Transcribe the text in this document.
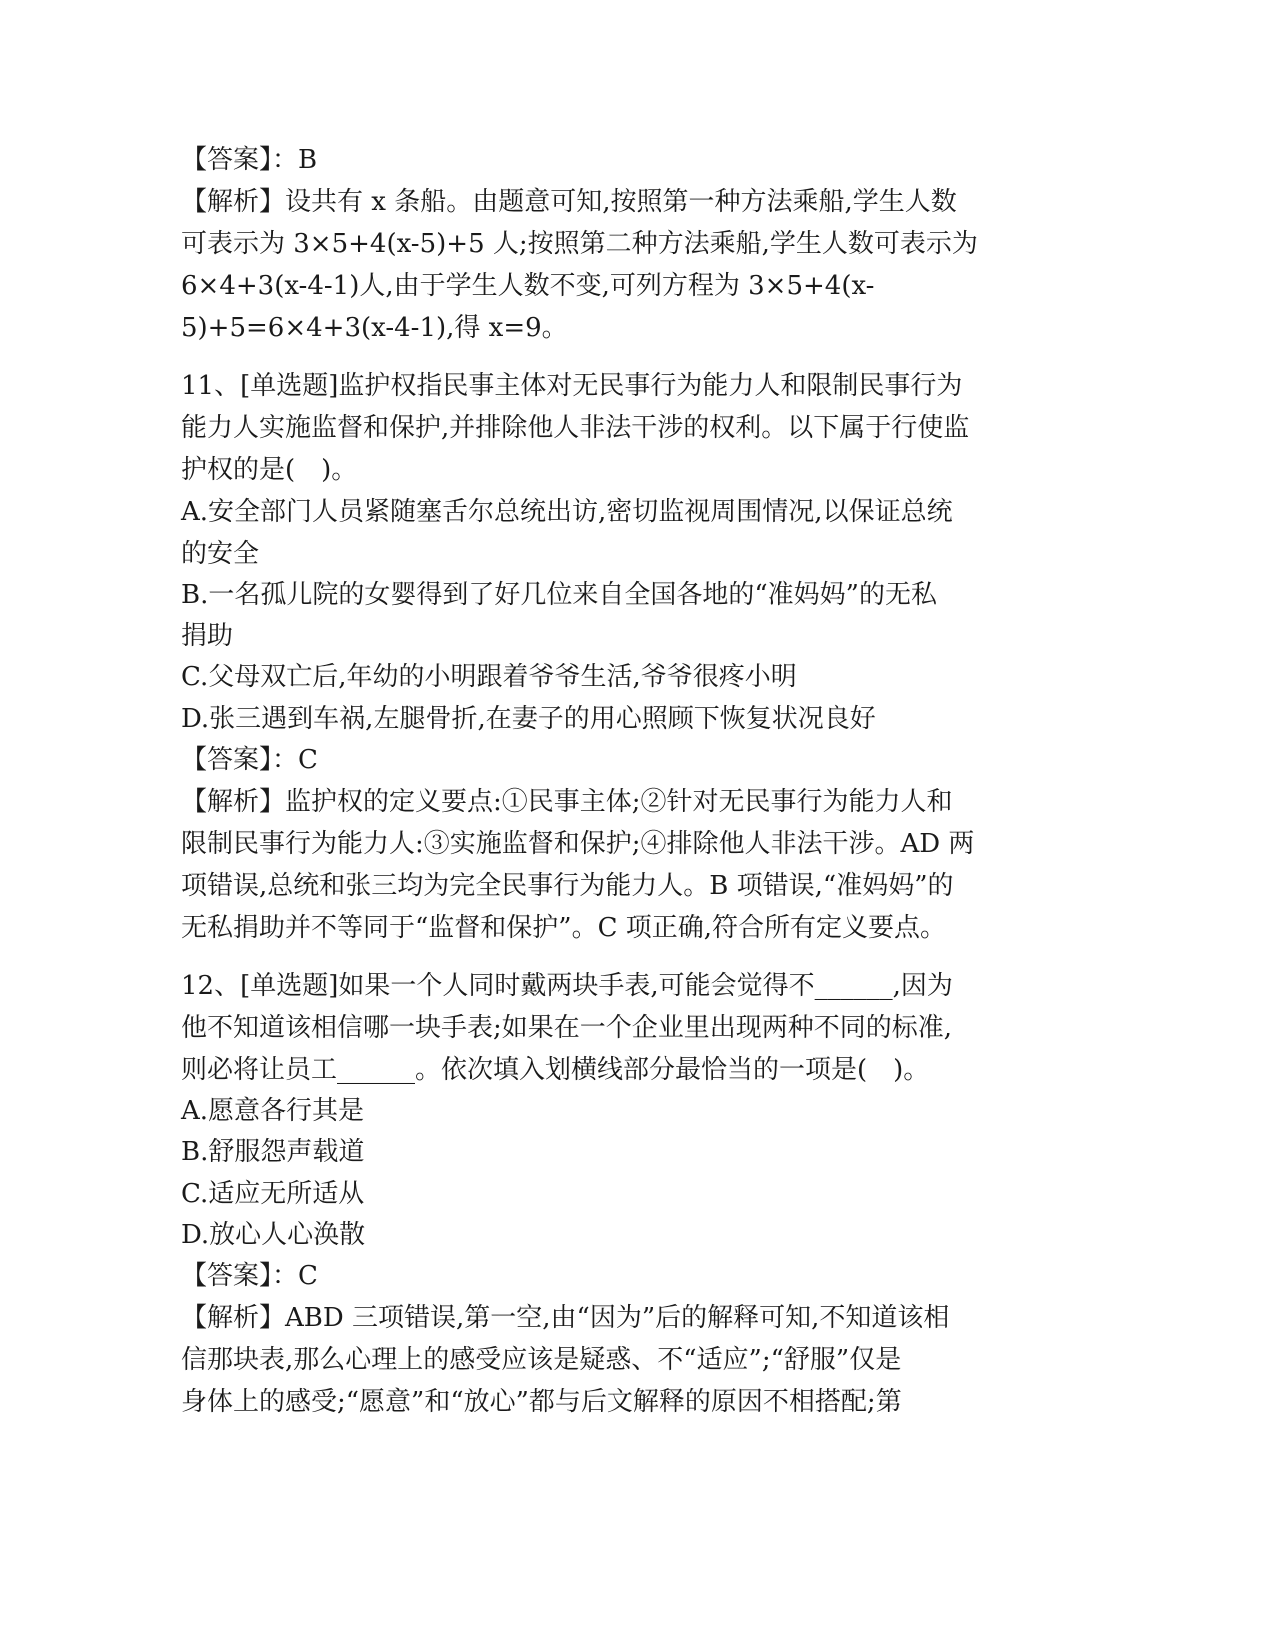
【答案】：B
【解析】设共有 x 条船。由题意可知,按照第一种方法乘船,学生人数
可表示为 3×5+4(x-5)+5 人;按照第二种方法乘船,学生人数可表示为
6×4+3(x-4-1)人,由于学生人数不变,可列方程为 3×5+4(x-
5)+5=6×4+3(x-4-1),得 x=9。
11、[单选题]监护权指民事主体对无民事行为能力人和限制民事行为
能力人实施监督和保护,并排除他人非法干涉的权利。以下属于行使监
护权的是(　)。
A.安全部门人员紧随塞舌尔总统出访,密切监视周围情况,以保证总统
的安全
B.一名孤儿院的女婴得到了好几位来自全国各地的“准妈妈”的无私
捐助
C.父母双亡后,年幼的小明跟着爷爷生活,爷爷很疼小明
D.张三遇到车祸,左腿骨折,在妻子的用心照顾下恢复状况良好
【答案】：C
【解析】监护权的定义要点:①民事主体;②针对无民事行为能力人和
限制民事行为能力人:③实施监督和保护;④排除他人非法干涉。AD 两
项错误,总统和张三均为完全民事行为能力人。B 项错误,“准妈妈”的
无私捐助并不等同于“监督和保护”。C 项正确,符合所有定义要点。
12、[单选题]如果一个人同时戴两块手表,可能会觉得不______,因为
他不知道该相信哪一块手表;如果在一个企业里出现两种不同的标准,
则必将让员工______。依次填入划横线部分最恰当的一项是(　)。
A.愿意各行其是
B.舒服怨声载道
C.适应无所适从
D.放心人心涣散
【答案】：C
【解析】ABD 三项错误,第一空,由“因为”后的解释可知,不知道该相
信那块表,那么心理上的感受应该是疑惑、不“适应”;“舒服”仅是
身体上的感受;“愿意”和“放心”都与后文解释的原因不相搭配;第
